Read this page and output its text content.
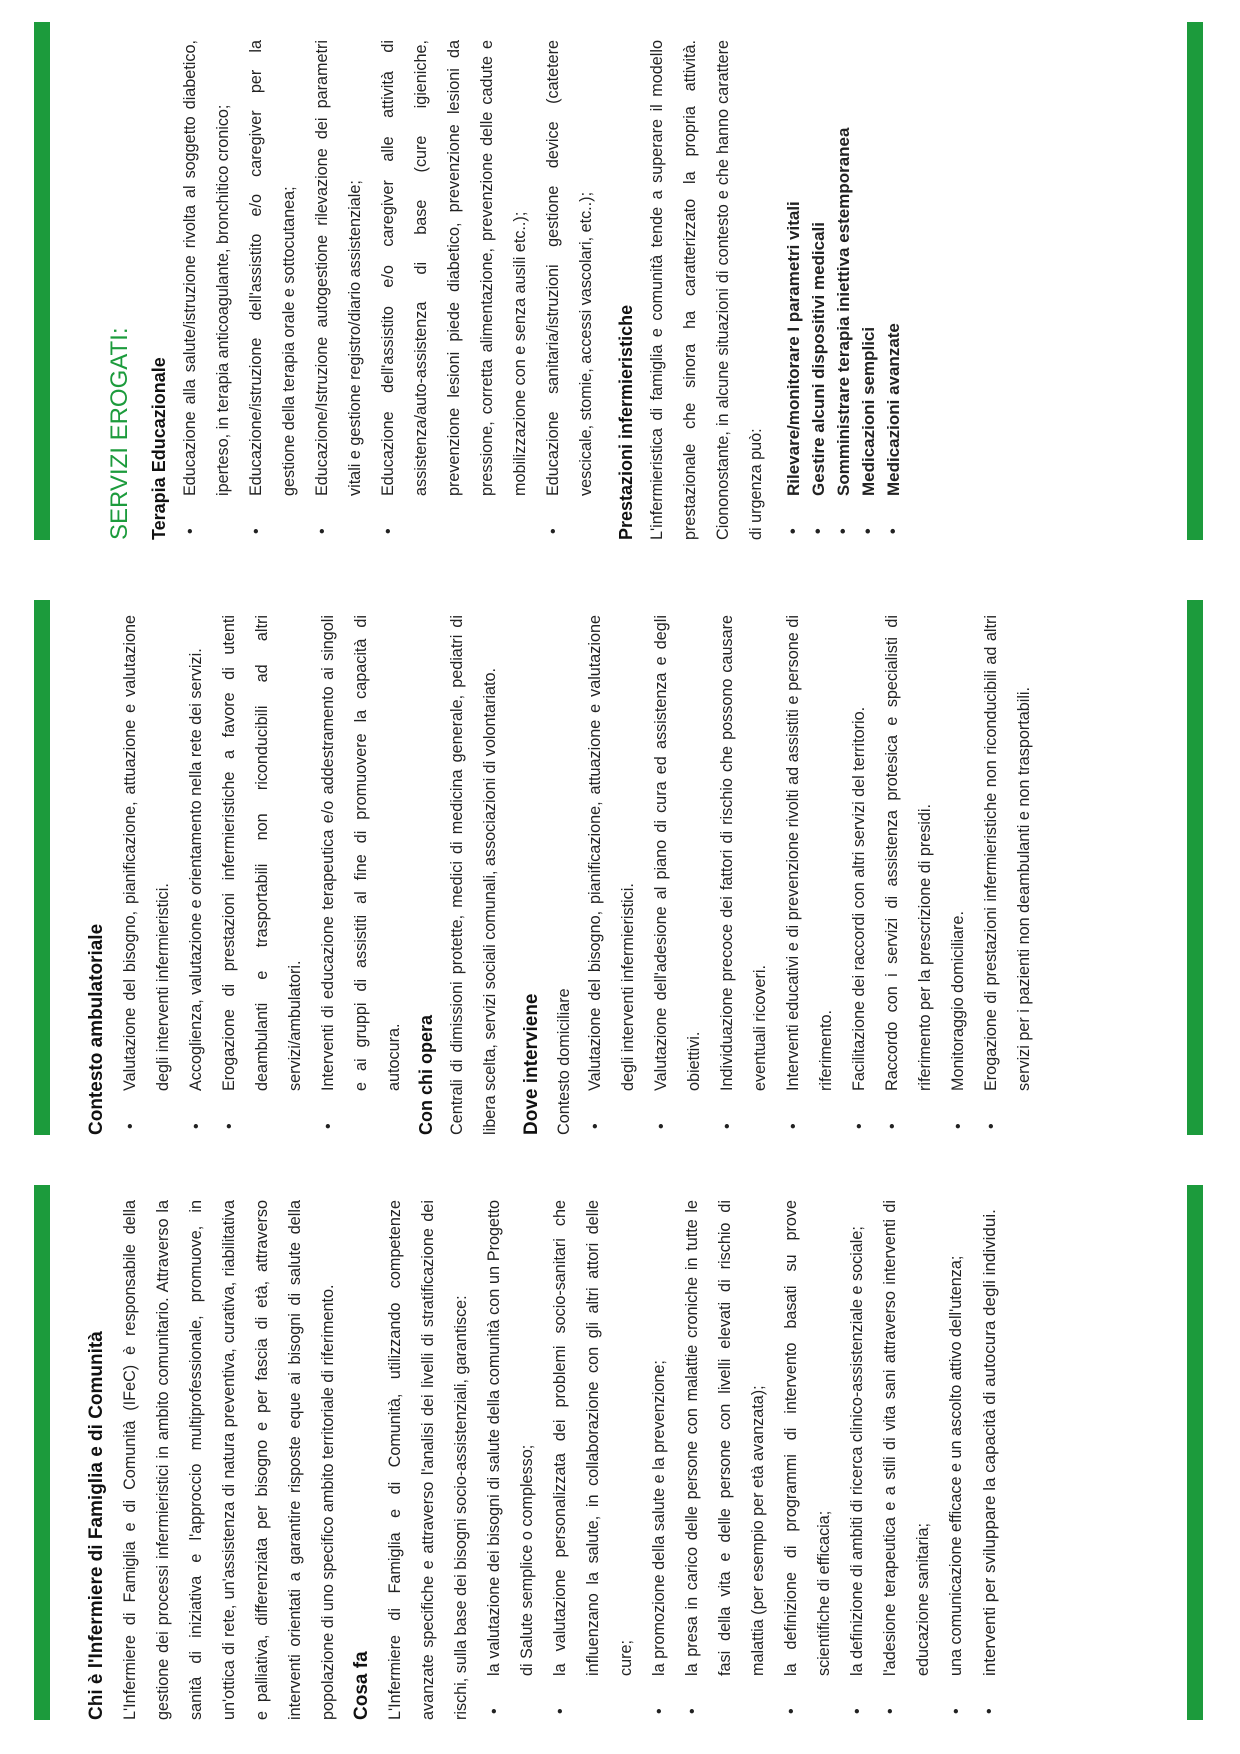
Chi è l'Infermiere di Famiglia e di Comunità L'Infermiere di Famiglia e di Comunità (IFeC) è responsabile della gestione dei processi infermieristici in ambito comunitario. Attraverso la sanità di iniziativa e l'approccio multiprofessionale, promuove, in un'ottica di rete, un'assistenza di natura preventiva, curativa, riabilitativa e palliativa, differenziata per bisogno e per fascia di età, attraverso interventi orientati a garantire risposte eque ai bisogni di salute della popolazione di uno specifico ambito territoriale di riferimento. Cosa fa L'Infermiere di Famiglia e di Comunità, utilizzando competenze avanzate specifiche e attraverso l'analisi dei livelli di stratificazione dei rischi, sulla base dei bisogni socio-assistenziali, garantisce: • la valutazione dei bisogni di salute della comunità con un Progetto di Salute semplice o complesso; • la valutazione personalizzata dei problemi socio-sanitari che influenzano la salute, in collaborazione con gli altri attori delle cure; • la promozione della salute e la prevenzione; • la presa in carico delle persone con malattie croniche in tutte le fasi della vita e delle persone con livelli elevati di rischio di malattia (per esempio per età avanzata); • la definizione di programmi di intervento basati su prove scientifiche di efficacia; • la definizione di ambiti di ricerca clinico-assistenziale e sociale; • l'adesione terapeutica e a stili di vita sani attraverso interventi di educazione sanitaria; • una comunicazione efficace e un ascolto attivo dell'utenza; • interventi per sviluppare la capacità di autocura degli individui.
Contesto ambulatoriale • Valutazione del bisogno, pianificazione, attuazione e valutazione degli interventi infermieristici. • Accoglienza, valutazione e orientamento nella rete dei servizi. • Erogazione di prestazioni infermieristiche a favore di utenti deambulanti e trasportabili non riconducibili ad altri servizi/ambulatori. • Interventi di educazione terapeutica e/o addestramento ai singoli e ai gruppi di assistiti al fine di promuovere la capacità di autocura. Con chi opera Centrali di dimissioni protette, medici di medicina generale, pediatri di libera scelta, servizi sociali comunali, associazioni di volontariato.	Dove interviene Contesto domiciliare • Valutazione del bisogno, pianificazione, attuazione e valutazione degli interventi infermieristici. • Valutazione dell'adesione al piano di cura ed assistenza e degli obiettivi. • Individuazione precoce dei fattori di rischio che possono causare eventuali ricoveri. • Interventi educativi e di prevenzione rivolti ad assistiti e persone di riferimento. • Facilitazione dei raccordi con altri servizi del territorio. • Raccordo con i servizi di assistenza protesica e specialisti di riferimento per la prescrizione di presidi. • Monitoraggio domiciliare. • Erogazione di prestazioni infermieristiche non riconducibili ad altri servizi per i pazienti non deambulanti e non trasportabili.
SERVIZI EROGATI: Terapia Educazionale • Educazione alla salute/istruzione rivolta al soggetto diabetico, iperteso, in terapia anticoagulante, bronchitico cronico; • Educazione/istruzione dell'assistito e/o caregiver per la gestione della terapia orale e sottocutanea; • Educazione/Istruzione autogestione rilevazione dei parametri vitali e gestione registro/diario assistenziale; • Educazione dell'assistito e/o caregiver alle attività di assistenza/auto-assistenza di base (cure igieniche, prevenzione lesioni piede diabetico, prevenzione lesioni da pressione, corretta alimentazione, prevenzione delle cadute e mobilizzazione con e senza ausili etc..); • Educazione sanitaria/istruzioni gestione device (catetere vescicale, stomie, accessi vascolari, etc..);	Prestazioni infermieristiche L'infermieristica di famiglia e comunità tende a superare il modello prestazionale che sinora ha caratterizzato la propria attività. Ciononostante, in alcune situazioni di contesto e che hanno carattere di urgenza può:	• Rilevare/monitorare I parametri vitali • Gestire alcuni dispositivi medicali • Somministrare terapia iniettiva estemporanea • Medicazioni semplici • Medicazioni avanzate
